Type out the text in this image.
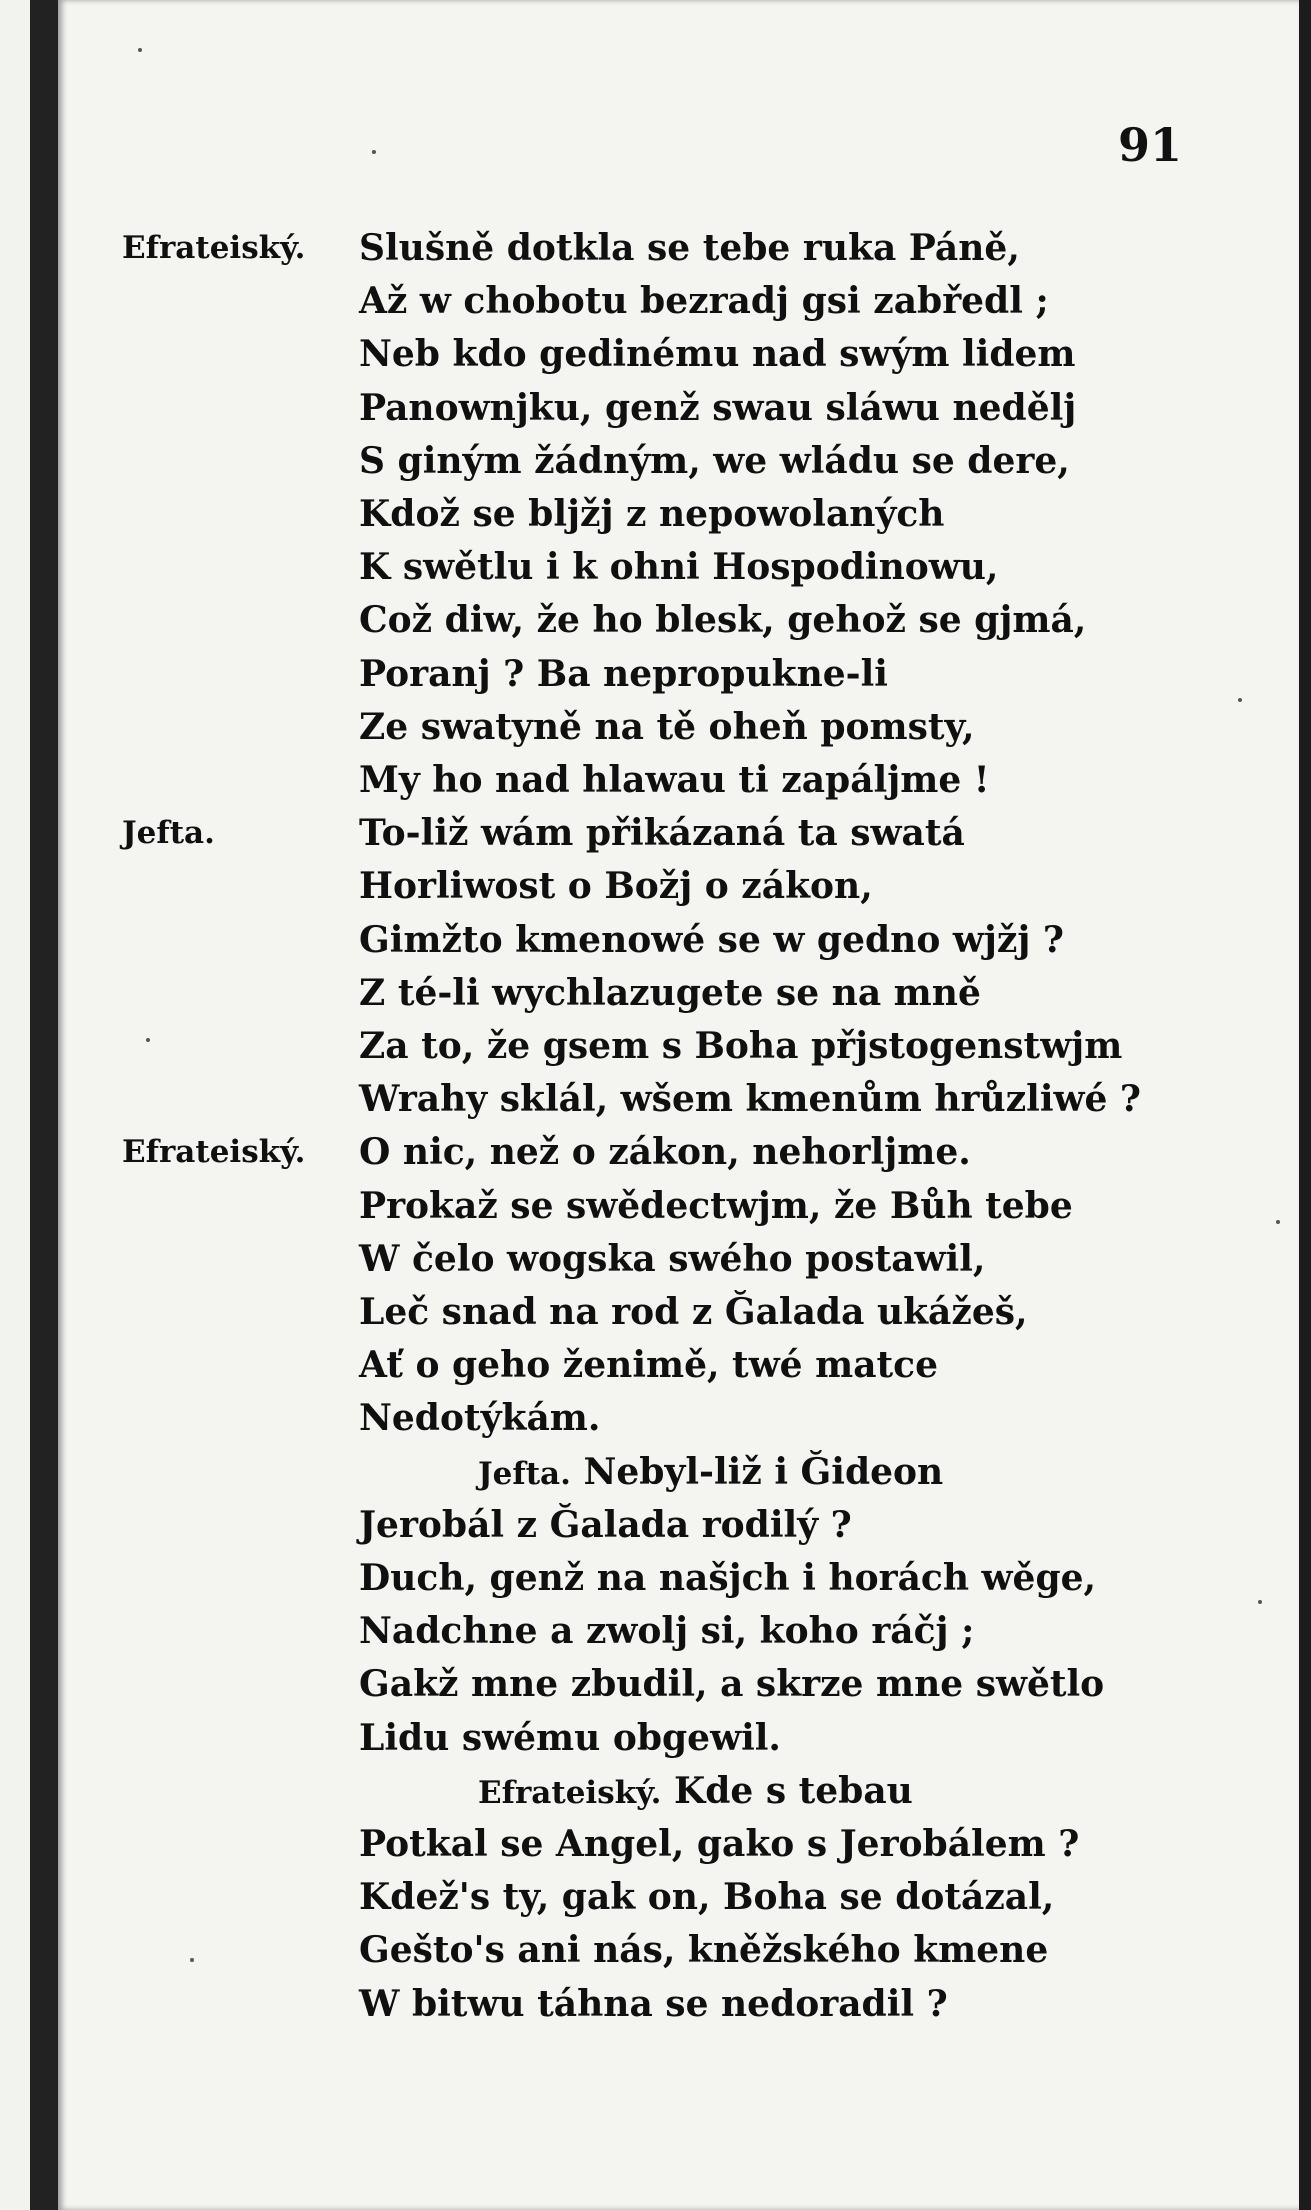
91
Efrateiský. Slušně dotkla se tebe ruka Páně,
Až w chobotu bezradj gsi zabředl ;
Neb kdo gedinému nad swým lidem
Panownjku, genž swau sláwu nedělj
S giným žádným, we wládu se dere,
Kdož se bljžj z nepowolaných
K swětlu i k ohni Hospodinowu,
Což diw, že ho blesk, gehož se gjmá,
Poranj ? Ba nepropukne-li
Ze swatyně na tě oheň pomsty,
My ho nad hlawau ti zapáljme !
Jefta.	To-liž wám přikázaná ta swatá
Horliwost o Božj o zákon,
Gimžto kmenowé se w gedno wjžj ?
Z té-li wychlazugete se na mně
Za to, že gsem s Boha přjstogenstwjm
Wrahy sklál, wšem kmenům hrůzliwé ?
Efrateiský. O nic, než o zákon, nehorljme.
Prokaž se swědectwjm, že Bůh tebe
W čelo wogska swého postawil,
Leč snad na rod z Ğalada ukážeš,
Ať o geho ženimě, twé matce
Nedotýkám.
Jefta. Nebyl-liž i Ğideon
Jerobál z Ğalada rodilý ?
Duch, genž na našjch i horách wěge,
Nadchne a zwolj si, koho ráčj ;
Gakž mne zbudil, a skrze mne swětlo
Lidu swému obgewil.
Efrateiský. Kde s tebau
Potkal se Angel, gako s Jerobálem ?
Kdež's ty, gak on, Boha se dotázal,
Gešto's ani nás, kněžského kmene
W bitwu táhna se nedoradil ?
